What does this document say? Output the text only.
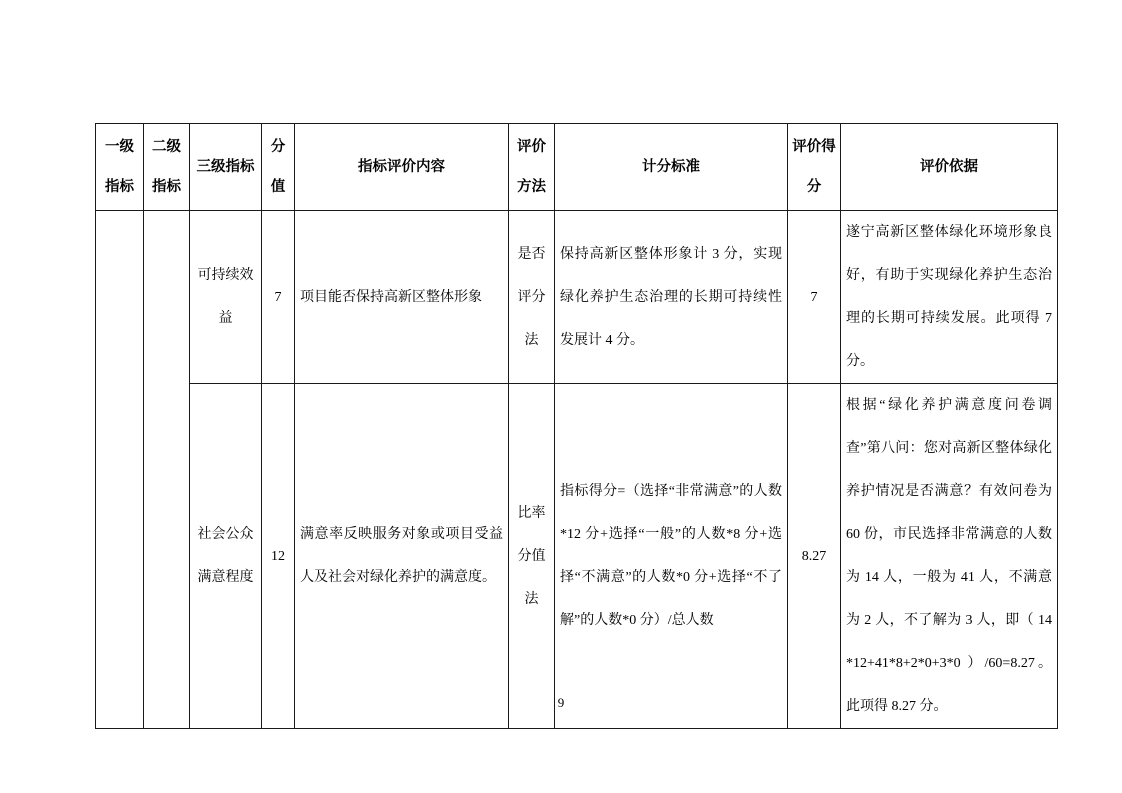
一级指标	二级指标	三级指标	分值	指标评价内容	评价方法	计分标准	评价得分	评价依据
		可持续效益	7	项目能否保持高新区整体形象	是否评分法	保持高新区整体形象计 3 分，实现绿化养护生态治理的长期可持续性发展计 4 分。	7	遂宁高新区整体绿化环境形象良好，有助于实现绿化养护生态治理的长期可持续发展。此项得 7 分。
		社会公众满意程度	12	满意率反映服务对象或项目受益人及社会对绿化养护的满意度。	比率分值法	指标得分=（选择“非常满意”的人数*12 分+选择“一般”的人数*8 分+选择“不满意”的人数*0 分+选择“不了解”的人数*0 分）/总人数	8.27	根据“绿化养护满意度问卷调查”第八问：您对高新区整体绿化养护情况是否满意？有效问卷为 60 份，市民选择非常满意的人数为 14 人，一般为 41 人，不满意为 2 人，不了解为 3 人，即（ 14*12+41*8+2*0+3*0 ）/60=8.27。此项得 8.27 分。
9
